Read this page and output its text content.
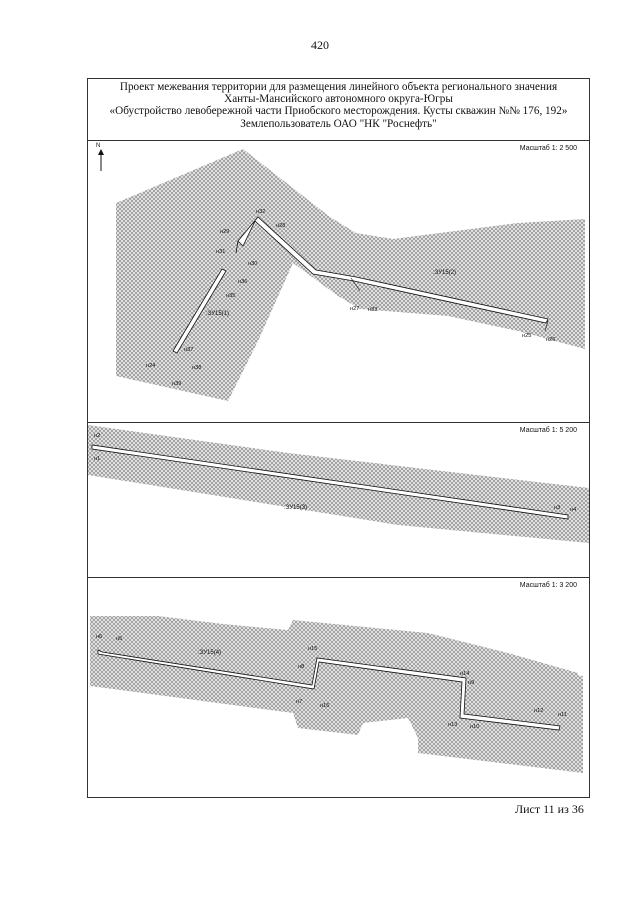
420
Проект межевания территории для размещения линейного объекта регионального значения
Ханты-Мансийского автономного округа-Югры
«Обустройство левобережной части Приобского месторождения. Кусты скважин №№ 176, 192»
Землепользователь ОАО "НК "Роснефть"
:ЗУ15(1)
:ЗУ15(2)
н32
н28
н29
н31
н30
н36
н35
н37
н24	н38
н39
н27 н33
н25
н26
N	Масштаб 1: 2 500
:ЗУ15(3)
н2
н1
н3 н4
Масштаб 1: 5 200
:ЗУ15(4)
н6 н5
н15
н8
н7
н16
н14
н9
н13 н10
н12
н11
Масштаб 1: 3 200
Лист 11 из 36
